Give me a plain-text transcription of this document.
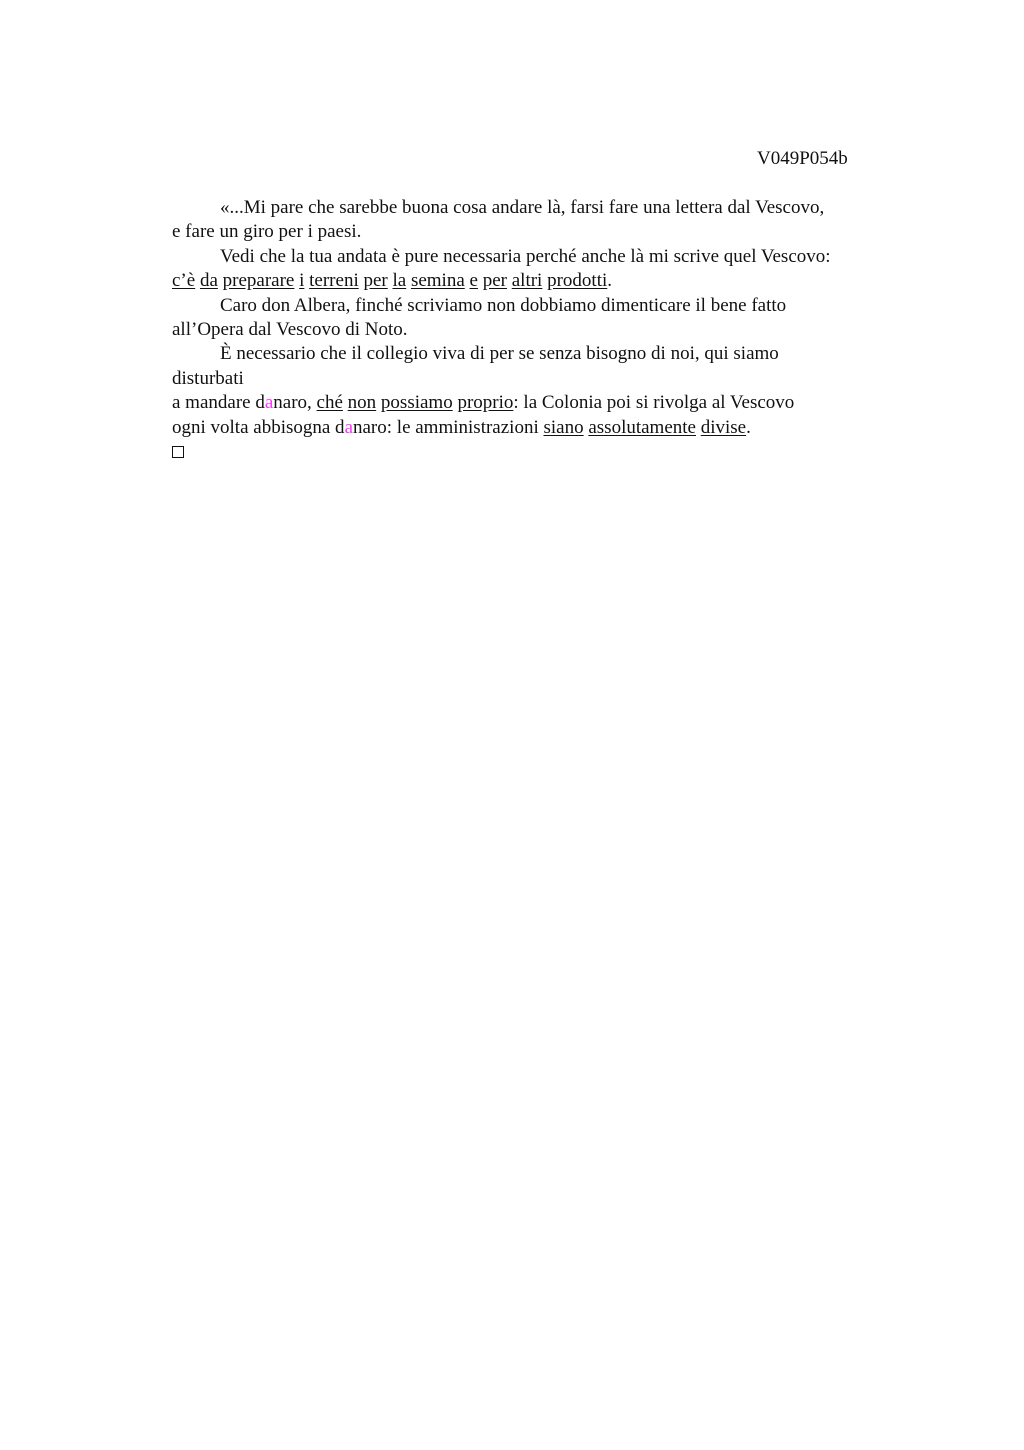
V049P054b
«...Mi pare che sarebbe buona cosa andare là, farsi fare una lettera dal Vescovo,
e fare un giro per i paesi.
Vedi che la tua andata è pure necessaria perché anche là mi scrive quel Vescovo:
c’è da preparare i terreni per la semina e per altri prodotti.
Caro don Albera, finché scriviamo non dobbiamo dimenticare il bene fatto
all’Opera dal Vescovo di Noto.
È necessario che il collegio viva di per se senza bisogno di noi, qui siamo
disturbati
a mandare danaro, ché non possiamo proprio: la Colonia poi si rivolga al Vescovo
ogni volta abbisogna danaro: le amministrazioni siano assolutamente divise.
